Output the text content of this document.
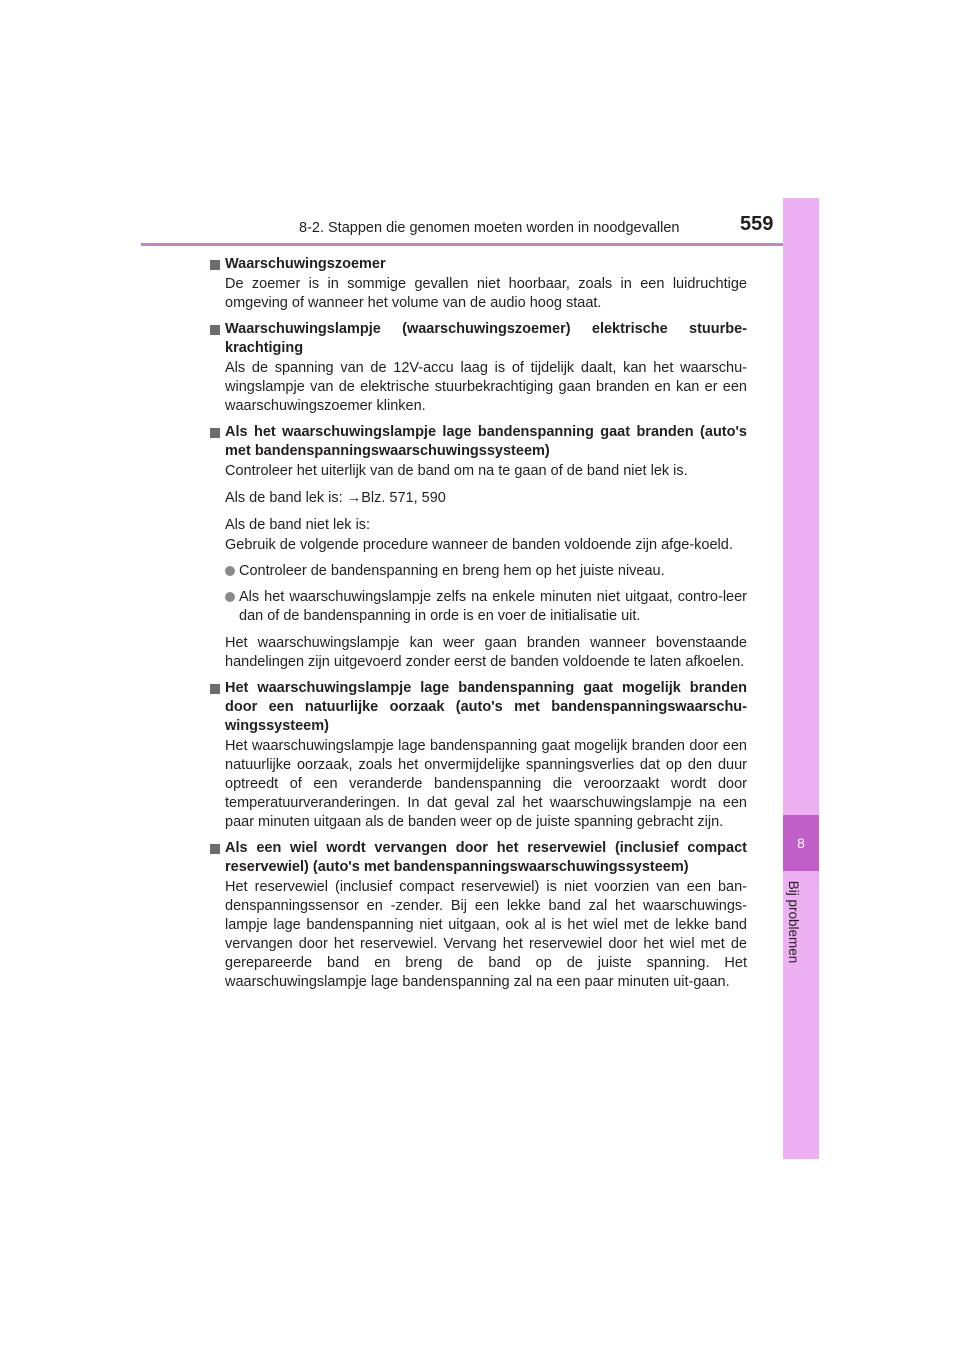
8-2. Stappen die genomen moeten worden in noodgevallen	559
8
Bij problemen
Waarschuwingszoemer
De zoemer is in sommige gevallen niet hoorbaar, zoals in een luidruchtige omgeving of wanneer het volume van de audio hoog staat.
Waarschuwingslampje (waarschuwingszoemer) elektrische stuurbe-krachtiging
Als de spanning van de 12V-accu laag is of tijdelijk daalt, kan het waarschu-wingslampje van de elektrische stuurbekrachtiging gaan branden en kan er een waarschuwingszoemer klinken.
Als het waarschuwingslampje lage bandenspanning gaat branden (auto's met bandenspanningswaarschuwingssysteem)
Controleer het uiterlijk van de band om na te gaan of de band niet lek is.
Als de band lek is: →Blz. 571, 590
Als de band niet lek is:
Gebruik de volgende procedure wanneer de banden voldoende zijn afge-koeld.
Controleer de bandenspanning en breng hem op het juiste niveau.
Als het waarschuwingslampje zelfs na enkele minuten niet uitgaat, contro-leer dan of de bandenspanning in orde is en voer de initialisatie uit.
Het waarschuwingslampje kan weer gaan branden wanneer bovenstaande handelingen zijn uitgevoerd zonder eerst de banden voldoende te laten afkoelen.
Het waarschuwingslampje lage bandenspanning gaat mogelijk branden door een natuurlijke oorzaak (auto's met bandenspanningswaarschu-wingssysteem)
Het waarschuwingslampje lage bandenspanning gaat mogelijk branden door een natuurlijke oorzaak, zoals het onvermijdelijke spanningsverlies dat op den duur optreedt of een veranderde bandenspanning die veroorzaakt wordt door temperatuurveranderingen. In dat geval zal het waarschuwingslampje na een paar minuten uitgaan als de banden weer op de juiste spanning gebracht zijn.
Als een wiel wordt vervangen door het reservewiel (inclusief compact reservewiel) (auto's met bandenspanningswaarschuwingssysteem)
Het reservewiel (inclusief compact reservewiel) is niet voorzien van een ban-denspanningssensor en -zender. Bij een lekke band zal het waarschuwings-lampje lage bandenspanning niet uitgaan, ook al is het wiel met de lekke band vervangen door het reservewiel. Vervang het reservewiel door het wiel met de gerepareerde band en breng de band op de juiste spanning. Het waarschuwingslampje lage bandenspanning zal na een paar minuten uit-gaan.
